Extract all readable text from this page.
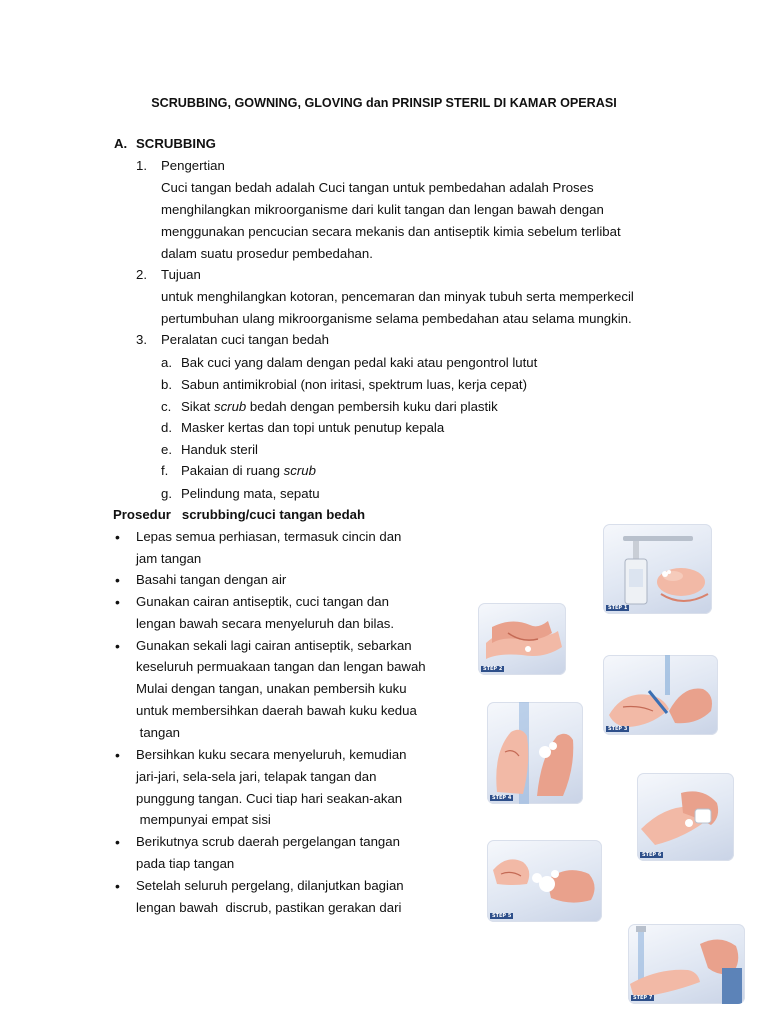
SCRUBBING, GOWNING, GLOVING dan PRINSIP STERIL DI KAMAR OPERASI
A. SCRUBBING
1. Pengertian
Cuci tangan bedah adalah Cuci tangan untuk pembedahan adalah Proses
menghilangkan mikroorganisme dari kulit tangan dan lengan bawah dengan
menggunakan pencucian secara mekanis dan antiseptik kimia sebelum terlibat
dalam suatu prosedur pembedahan.
2. Tujuan
untuk menghilangkan kotoran, pencemaran dan minyak tubuh serta memperkecil
pertumbuhan ulang mikroorganisme selama pembedahan atau selama mungkin.
3. Peralatan cuci tangan bedah
a. Bak cuci yang dalam dengan pedal kaki atau pengontrol lutut
b. Sabun antimikrobial (non iritasi, spektrum luas, kerja cepat)
c. Sikat scrub bedah dengan pembersih kuku dari plastik
d. Masker kertas dan topi untuk penutup kepala
e. Handuk steril
f. Pakaian di ruang scrub
g. Pelindung mata, sepatu
Prosedur   scrubbing/cuci tangan bedah
• Lepas semua perhiasan, termasuk cincin dan
jam tangan
• Basahi tangan dengan air
• Gunakan cairan antiseptik, cuci tangan dan
lengan bawah secara menyeluruh dan bilas.
• Gunakan sekali lagi cairan antiseptik, sebarkan
keseluruh permuakaan tangan dan lengan bawah
Mulai dengan tangan, unakan pembersih kuku
untuk membersihkan daerah bawah kuku kedua
tangan
• Bersihkan kuku secara menyeluruh, kemudian
jari-jari, sela-sela jari, telapak tangan dan
punggung tangan. Cuci tiap hari seakan-akan
mempunyai empat sisi
• Berikutnya scrub daerah pergelangan tangan
pada tiap tangan
• Setelah seluruh pergelang, dilanjutkan bagian
lengan bawah  discrub, pastikan gerakan dari
STEP 1
STEP 2
STEP 3
STEP 4
STEP 6
STEP 5
STEP 7
